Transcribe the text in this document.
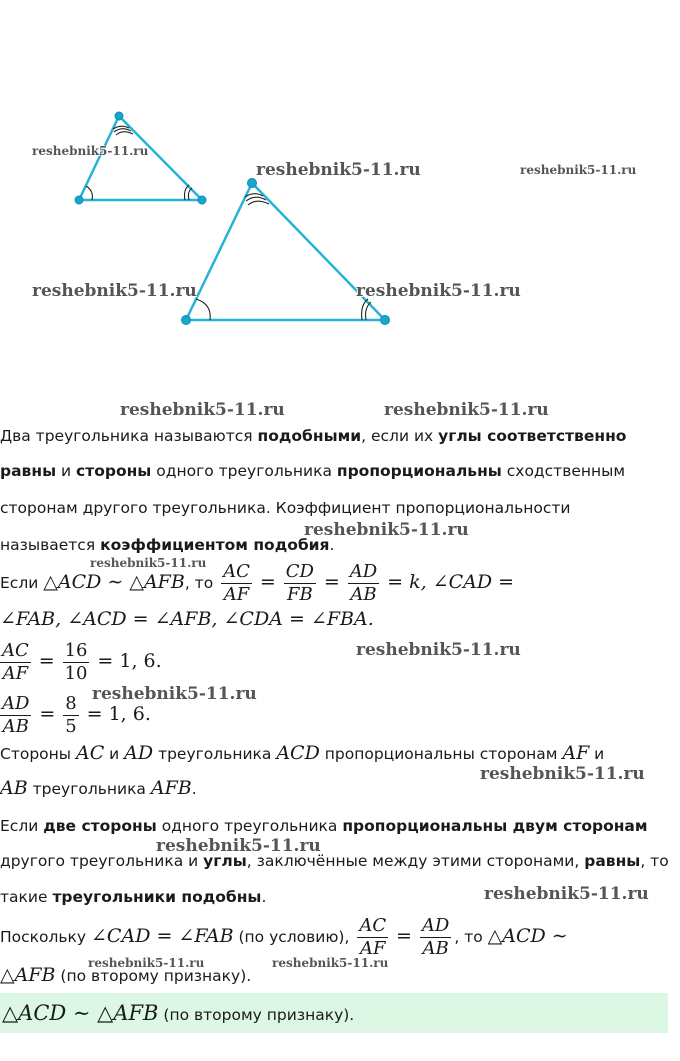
reshebnik5-11.ru
reshebnik5-11.ru	reshebnik5-11.ru
reshebnik5-11.ru	reshebnik5-11.ru
reshebnik5-11.ru	reshebnik5-11.ru
reshebnik5-11.ru
reshebnik5-11.ru
reshebnik5-11.ru
reshebnik5-11.ru
reshebnik5-11.ru
reshebnik5-11.ru
reshebnik5-11.ru
reshebnik5-11.ru	reshebnik5-11.ru
Два треугольника называются подобными, если их углы соответственно
равны и стороны одного треугольника пропорциональны сходственным
сторонам другого треугольника. Коэффициент пропорциональности
называется коэффициентом подобия.
Если △ACD ∼ △AFB, то $\frac{AC}{AF} = \frac{CD}{FB} = \frac{AD}{AB} = k$, ∠CAD =
∠FAB, ∠ACD = ∠AFB, ∠CDA = ∠FBA.
$\frac{AC}{AF} = \frac{16}{10} = 1$, 6.
$\frac{AD}{AB} = \frac{8}{5} = 1$, 6.
Стороны AC и AD треугольника ACD пропорциональны сторонам AF и
AB треугольника AFB.
Если две стороны одного треугольника пропорциональны двум сторонам
другого треугольника и углы, заключённые между этими сторонами, равны, то
такие треугольники подобны.
Поскольку ∠CAD = ∠FAB (по условию), $\frac{AC}{AF} = \frac{AD}{AB}$ , то △ACD ∼
△AFB (по второму признаку).
△ACD ∼ △AFB (по второму признаку).
